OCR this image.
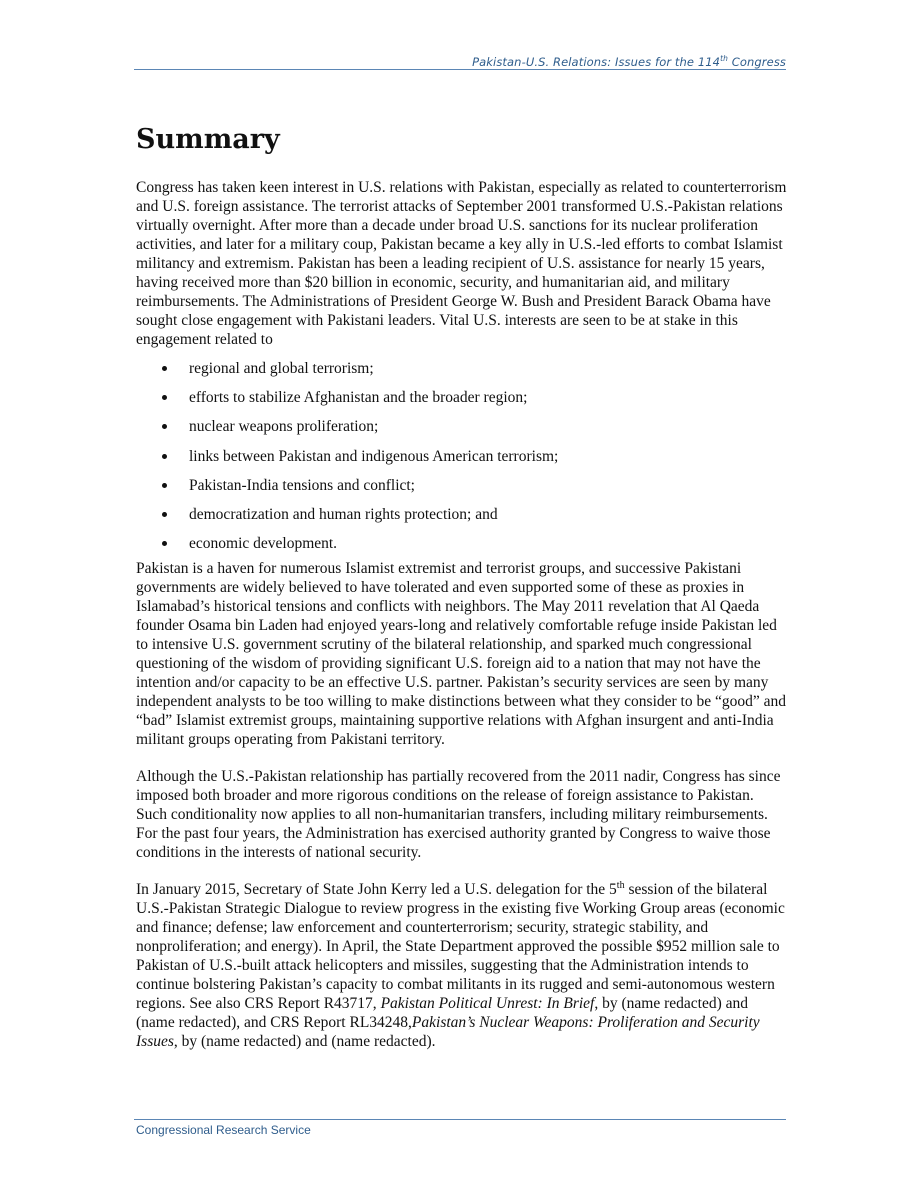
Pakistan-U.S. Relations: Issues for the 114th Congress
Summary

Congress has taken keen interest in U.S. relations with Pakistan, especially as related to counterterrorism and U.S. foreign assistance. The terrorist attacks of September 2001 transformed U.S.-Pakistan relations virtually overnight. After more than a decade under broad U.S. sanctions for its nuclear proliferation activities, and later for a military coup, Pakistan became a key ally in U.S.-led efforts to combat Islamist militancy and extremism. Pakistan has been a leading recipient of U.S. assistance for nearly 15 years, having received more than $20 billion in economic, security, and humanitarian aid, and military reimbursements. The Administrations of President George W. Bush and President Barack Obama have sought close engagement with Pakistani leaders. Vital U.S. interests are seen to be at stake in this engagement related to

regional and global terrorism;
efforts to stabilize Afghanistan and the broader region;
nuclear weapons proliferation;
links between Pakistan and indigenous American terrorism;
Pakistan-India tensions and conflict;
democratization and human rights protection; and
economic development.

Pakistan is a haven for numerous Islamist extremist and terrorist groups, and successive Pakistani governments are widely believed to have tolerated and even supported some of these as proxies in Islamabad’s historical tensions and conflicts with neighbors. The May 2011 revelation that Al Qaeda founder Osama bin Laden had enjoyed years-long and relatively comfortable refuge inside Pakistan led to intensive U.S. government scrutiny of the bilateral relationship, and sparked much congressional questioning of the wisdom of providing significant U.S. foreign aid to a nation that may not have the intention and/or capacity to be an effective U.S. partner. Pakistan’s security services are seen by many independent analysts to be too willing to make distinctions between what they consider to be “good” and “bad” Islamist extremist groups, maintaining supportive relations with Afghan insurgent and anti-India militant groups operating from Pakistani territory.

Although the U.S.-Pakistan relationship has partially recovered from the 2011 nadir, Congress has since imposed both broader and more rigorous conditions on the release of foreign assistance to Pakistan. Such conditionality now applies to all non-humanitarian transfers, including military reimbursements. For the past four years, the Administration has exercised authority granted by Congress to waive those conditions in the interests of national security.

In January 2015, Secretary of State John Kerry led a U.S. delegation for the 5th session of the bilateral U.S.-Pakistan Strategic Dialogue to review progress in the existing five Working Group areas (economic and finance; defense; law enforcement and counterterrorism; security, strategic stability, and nonproliferation; and energy). In April, the State Department approved the possible $952 million sale to Pakistan of U.S.-built attack helicopters and missiles, suggesting that the Administration intends to continue bolstering Pakistan’s capacity to combat militants in its rugged and semi-autonomous western regions. See also CRS Report R43717, Pakistan Political Unrest: In Brief, by (name redacted) and (name redacted), and CRS Report RL34248,Pakistan’s Nuclear Weapons: Proliferation and Security Issues, by (name redacted) and (name redacted).

Congressional Research Service
